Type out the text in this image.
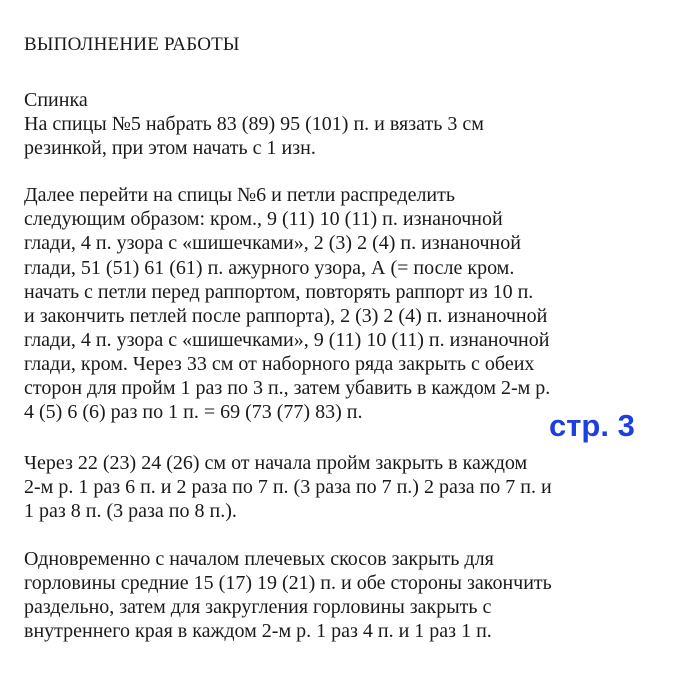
ВЫПОЛНЕНИЕ РАБОТЫ
Спинка
На спицы №5 набрать 83 (89) 95 (101) п. и вязать 3 см
резинкой, при этом начать с 1 изн.
Далее перейти на спицы №6 и петли распределить
следующим образом: кром., 9 (11) 10 (11) п. изнаночной
глади, 4 п. узора с «шишечками», 2 (3) 2 (4) п. изнаночной
глади, 51 (51) 61 (61) п. ажурного узора, А (= после кром.
начать с петли перед раппортом, повторять раппорт из 10 п.
и закончить петлей после раппорта), 2 (3) 2 (4) п. изнаночной
глади, 4 п. узора с «шишечками», 9 (11) 10 (11) п. изнаночной
глади, кром. Через 33 см от наборного ряда закрыть с обеих
сторон для пройм 1 раз по 3 п., затем убавить в каждом 2-м р.
4 (5) 6 (6) раз по 1 п. = 69 (73 (77) 83) п.
Через 22 (23) 24 (26) см от начала пройм закрыть в каждом
2-м р. 1 раз 6 п. и 2 раза по 7 п. (3 раза по 7 п.) 2 раза по 7 п. и
1 раз 8 п. (3 раза по 8 п.).
Одновременно с началом плечевых скосов закрыть для
горловины средние 15 (17) 19 (21) п. и обе стороны закончить
раздельно, затем для закругления горловины закрыть с
внутреннего края в каждом 2-м р. 1 раз 4 п. и 1 раз 1 п.
стр. 3
